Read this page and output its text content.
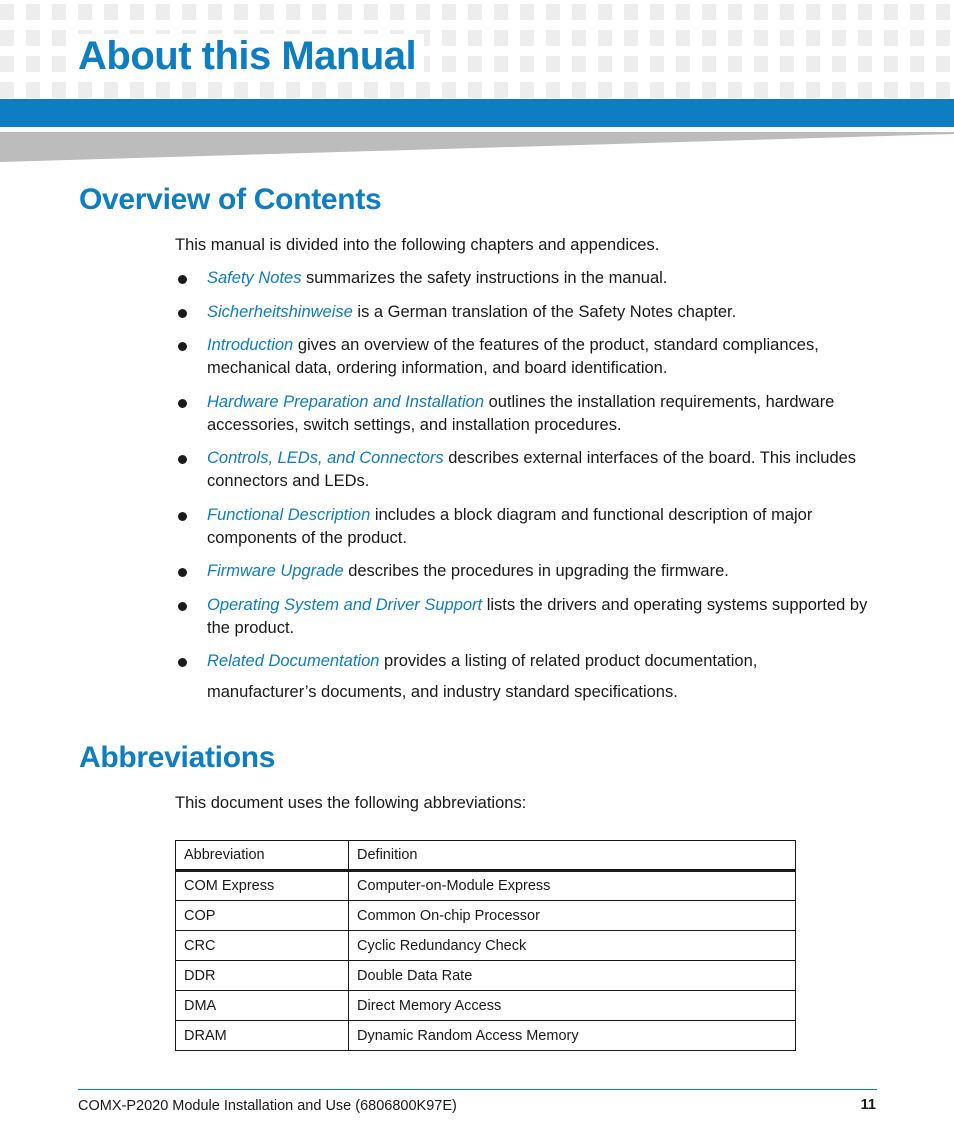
About this Manual
Overview of Contents

This manual is divided into the following chapters and appendices.

Safety Notes summarizes the safety instructions in the manual.
Sicherheitshinweise is a German translation of the Safety Notes chapter.
Introduction gives an overview of the features of the product, standard compliances, mechanical data, ordering information, and board identification.
Hardware Preparation and Installation outlines the installation requirements, hardware accessories, switch settings, and installation procedures.
Controls, LEDs, and Connectors describes external interfaces of the board. This includes connectors and LEDs.
Functional Description includes a block diagram and functional description of major components of the product.
Firmware Upgrade describes the procedures in upgrading the firmware.
Operating System and Driver Support lists the drivers and operating systems supported by the product.
Related Documentation provides a listing of related product documentation,
manufacturer’s documents, and industry standard specifications.
Abbreviations

This document uses the following abbreviations:

Abbreviation	Definition
COM Express	Computer-on-Module Express
COP	Common On-chip Processor
CRC	Cyclic Redundancy Check
DDR	Double Data Rate
DMA	Direct Memory Access
DRAM	Dynamic Random Access Memory
COMX-P2020 Module Installation and Use (6806800K97E)	11
